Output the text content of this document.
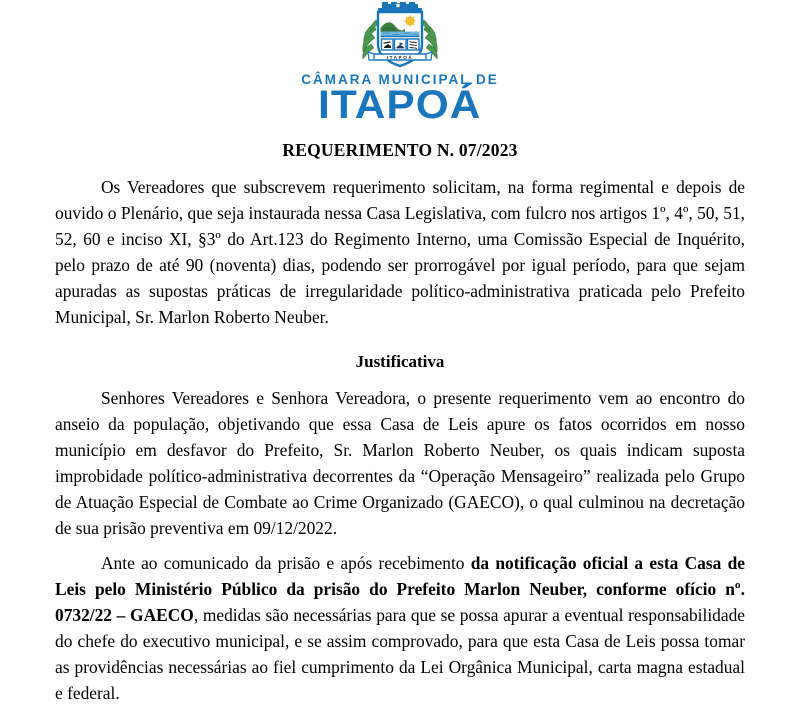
ITAPOÁ
CÂMARA MUNICIPAL DE
ITAPOÁ
REQUERIMENTO N. 07/2023

Os Vereadores que subscrevem requerimento solicitam, na forma regimental e depois de ouvido o Plenário, que seja instaurada nessa Casa Legislativa, com fulcro nos artigos 1º, 4º, 50, 51, 52, 60 e inciso XI, §3º do Art.123 do Regimento Interno, uma Comissão Especial de Inquérito, pelo prazo de até 90 (noventa) dias, podendo ser prorrogável por igual período, para que sejam apuradas as supostas práticas de irregularidade político-administrativa praticada pelo Prefeito Municipal, Sr. Marlon Roberto Neuber.

Justificativa

Senhores Vereadores e Senhora Vereadora, o presente requerimento vem ao encontro do anseio da população, objetivando que essa Casa de Leis apure os fatos ocorridos em nosso município em desfavor do Prefeito, Sr. Marlon Roberto Neuber, os quais indicam suposta improbidade político-administrativa decorrentes da “Operação Mensageiro” realizada pelo Grupo de Atuação Especial de Combate ao Crime Organizado (GAECO), o qual culminou na decretação de sua prisão preventiva em 09/12/2022.

Ante ao comunicado da prisão e após recebimento da notificação oficial a esta Casa de Leis pelo Ministério Público da prisão do Prefeito Marlon Neuber, conforme ofício nº. 0732/22 – GAECO, medidas são necessárias para que se possa apurar a eventual responsabilidade do chefe do executivo municipal, e se assim comprovado, para que esta Casa de Leis possa tomar as providências necessárias ao fiel cumprimento da Lei Orgânica Municipal, carta magna estadual e federal.
